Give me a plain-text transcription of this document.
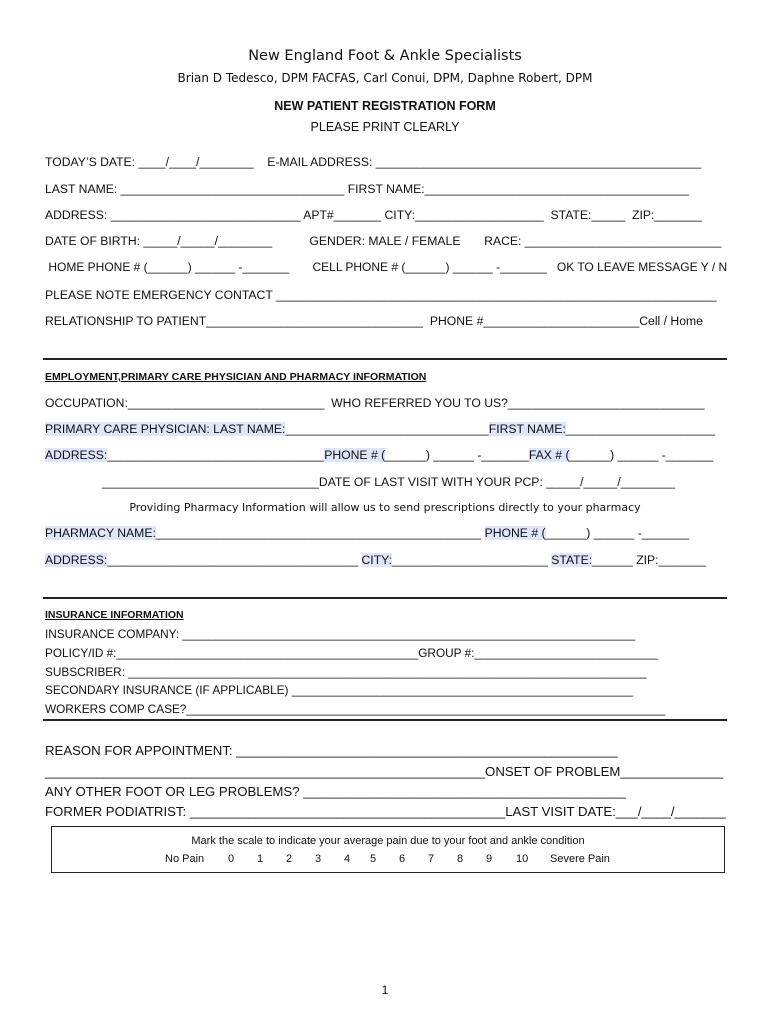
New England Foot & Ankle Specialists
Brian D Tedesco, DPM FACFAS, Carl Conui, DPM, Daphne Robert, DPM
NEW PATIENT REGISTRATION FORM
PLEASE PRINT CLEARLY
TODAY’S DATE: ____/____/________    E-MAIL ADDRESS: ________________________________________________
LAST NAME: _________________________________ FIRST NAME:_______________________________________
ADDRESS: ____________________________ APT#_______ CITY:___________________  STATE:_____  ZIP:_______
DATE OF BIRTH: _____/_____/________           GENDER: MALE / FEMALE       RACE: _____________________________
HOME PHONE # (______) ______ -_______       CELL PHONE # (______) ______ -_______   OK TO LEAVE MESSAGE Y / N
PLEASE NOTE EMERGENCY CONTACT _________________________________________________________________
RELATIONSHIP TO PATIENT________________________________  PHONE #_______________________Cell / Home
EMPLOYMENT,PRIMARY CARE PHYSICIAN AND PHARMACY INFORMATION
OCCUPATION:_____________________________  WHO REFERRED YOU TO US?_____________________________
PRIMARY CARE PHYSICIAN: LAST NAME:______________________________FIRST NAME:______________________
ADDRESS:________________________________PHONE # (______) ______ -_______FAX # (______) ______ -_______
________________________________DATE OF LAST VISIT WITH YOUR PCP: _____/_____/________
Providing Pharmacy Information will allow us to send prescriptions directly to your pharmacy
PHARMACY NAME:________________________________________________ PHONE # (______) ______ -_______
ADDRESS:_____________________________________ CITY:_______________________ STATE:______ ZIP:_______
INSURANCE INFORMATION
INSURANCE COMPANY: _____________________________________________________________________
POLICY/ID #:______________________________________________GROUP #:____________________________
SUBSCRIBER: _______________________________________________________________________________
SECONDARY INSURANCE (IF APPLICABLE) ____________________________________________________
WORKERS COMP CASE?_________________________________________________________________________
REASON FOR APPOINTMENT: ____________________________________________________
____________________________________________________________ONSET OF PROBLEM______________
ANY OTHER FOOT OR LEG PROBLEMS? ____________________________________________
FORMER PODIATRIST: ___________________________________________LAST VISIT DATE:___/____/_______
Mark the scale to indicate your average pain due to your foot and ankle condition
No Pain 0 1 2 3 4 5 6 7 8 9 10 Severe Pain
1
